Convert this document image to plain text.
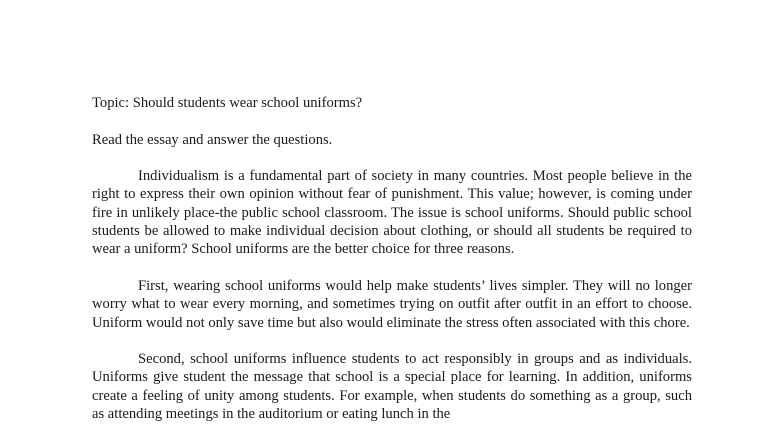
Topic: Should students wear school uniforms?

Read the essay and answer the questions.

Individualism is a fundamental part of society in many countries. Most people believe in the right to express their own opinion without fear of punishment. This value; however, is coming under fire in unlikely place-the public school classroom. The issue is school uniforms. Should public school students be allowed to make individual decision about clothing, or should all students be required to wear a uniform? School uniforms are the better choice for three reasons.

First, wearing school uniforms would help make students’ lives simpler. They will no longer worry what to wear every morning, and sometimes trying on outfit after outfit in an effort to choose. Uniform would not only save time but also would eliminate the stress often associated with this chore.

Second, school uniforms influence students to act responsibly in groups and as individuals. Uniforms give student the message that school is a special place for learning. In addition, uniforms create a feeling of unity among students. For example, when students do something as a group, such as attending meetings in the auditorium or eating lunch in the
